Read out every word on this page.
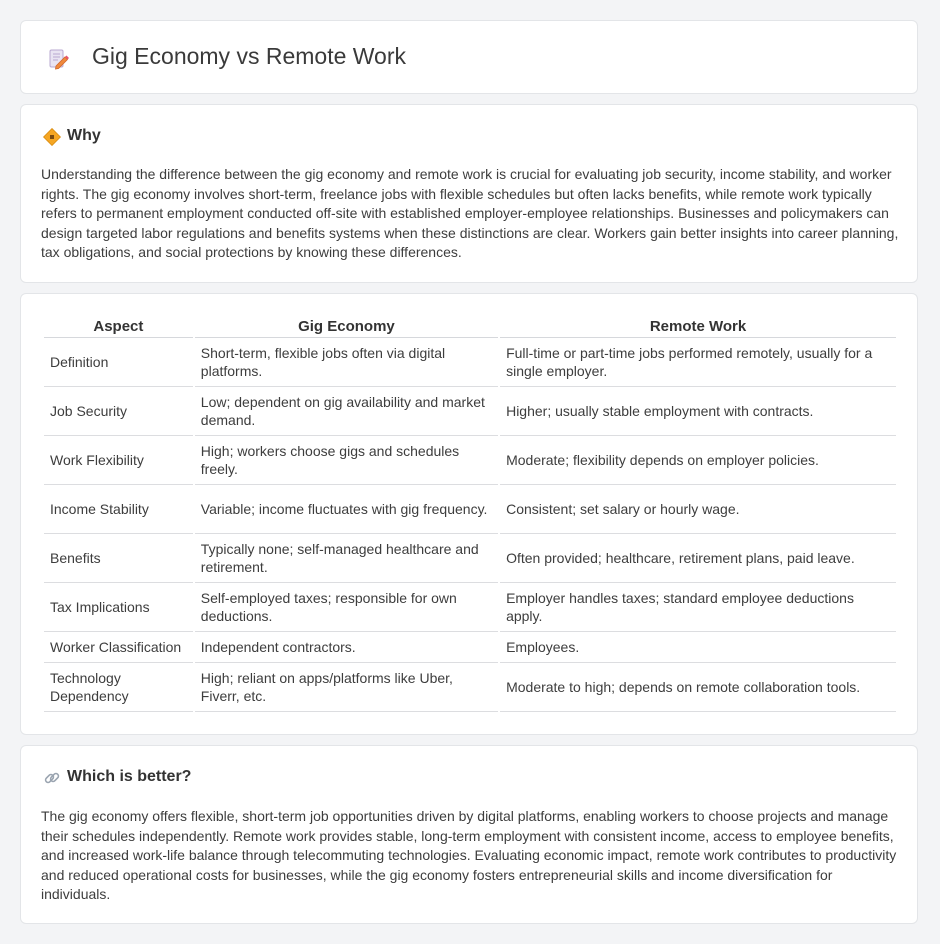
Gig Economy vs Remote Work
Why

Understanding the difference between the gig economy and remote work is crucial for evaluating job security, income stability, and worker rights. The gig economy involves short-term, freelance jobs with flexible schedules but often lacks benefits, while remote work typically refers to permanent employment conducted off-site with established employer-employee relationships. Businesses and policymakers can design targeted labor regulations and benefits systems when these distinctions are clear. Workers gain better insights into career planning, tax obligations, and social protections by knowing these differences.

Aspect	Gig Economy	Remote Work
Definition	Short-term, flexible jobs often via digital platforms.	Full-time or part-time jobs performed remotely, usually for a single employer.
Job Security	Low; dependent on gig availability and market demand.	Higher; usually stable employment with contracts.
Work Flexibility	High; workers choose gigs and schedules freely.	Moderate; flexibility depends on employer policies.
Income Stability	Variable; income fluctuates with gig frequency.	Consistent; set salary or hourly wage.
Benefits	Typically none; self-managed healthcare and retirement.	Often provided; healthcare, retirement plans, paid leave.
Tax Implications	Self-employed taxes; responsible for own deductions.	Employer handles taxes; standard employee deductions apply.
Worker Classification	Independent contractors.	Employees.
Technology Dependency	High; reliant on apps/platforms like Uber, Fiverr, etc.	Moderate to high; depends on remote collaboration tools.
Which is better?

The gig economy offers flexible, short-term job opportunities driven by digital platforms, enabling workers to choose projects and manage their schedules independently. Remote work provides stable, long-term employment with consistent income, access to employee benefits, and increased work-life balance through telecommuting technologies. Evaluating economic impact, remote work contributes to productivity and reduced operational costs for businesses, while the gig economy fosters entrepreneurial skills and income diversification for individuals.
